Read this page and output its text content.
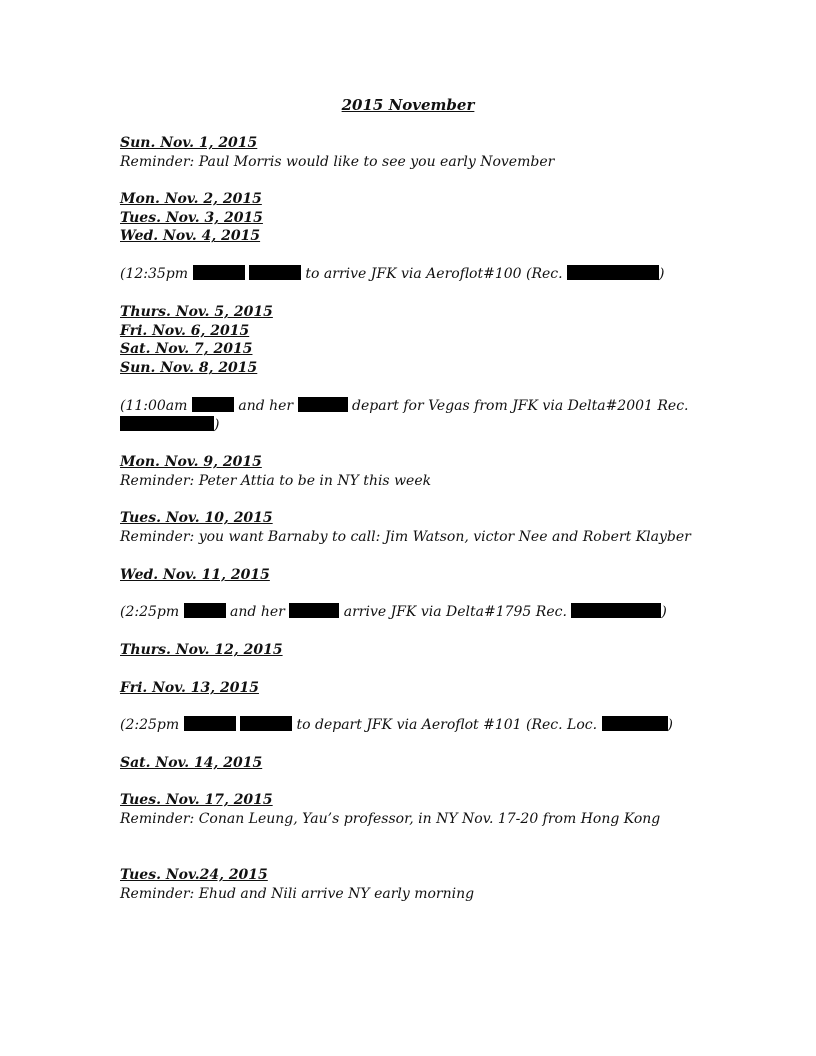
2015 November
Sun. Nov. 1, 2015
Reminder: Paul Morris would like to see you early November
Mon. Nov. 2, 2015
Tues. Nov. 3, 2015
Wed. Nov. 4, 2015
(12:35pm	to arrive JFK via Aeroflot#100 (Rec.	)
Thurs. Nov. 5, 2015
Fri. Nov. 6, 2015
Sat. Nov. 7, 2015
Sun. Nov. 8, 2015
(11:00am	and her	depart for Vegas from JFK via Delta#2001 Rec.
)
Mon. Nov. 9, 2015
Reminder: Peter Attia to be in NY this week
Tues. Nov. 10, 2015
Reminder: you want Barnaby to call: Jim Watson, victor Nee and Robert Klayber
Wed. Nov. 11, 2015
(2:25pm	and her	arrive JFK via Delta#1795 Rec.	)
Thurs. Nov. 12, 2015
Fri. Nov. 13, 2015
(2:25pm	to depart JFK via Aeroflot #101 (Rec. Loc.	)
Sat. Nov. 14, 2015
Tues. Nov. 17, 2015
Reminder: Conan Leung, Yau’s professor, in NY Nov. 17-20 from Hong Kong
Tues. Nov.24, 2015
Reminder: Ehud and Nili arrive NY early morning
